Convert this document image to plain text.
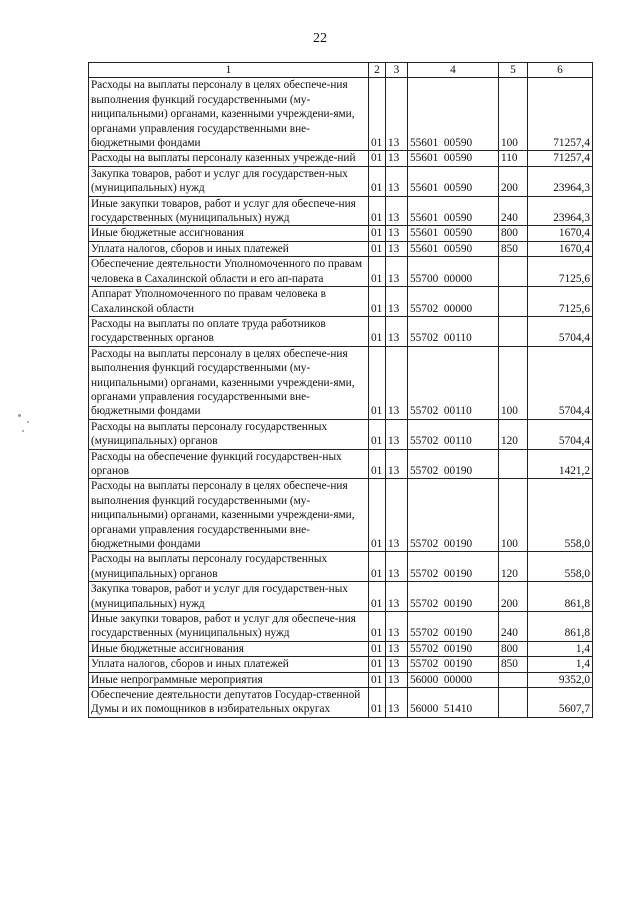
22
1	2	3	4	5	6
Расходы на выплаты персоналу в целях обеспече-ния выполнения функций государственными (му-ниципальными) органами, казенными учреждени-ями, органами управления государственными вне-бюджетными фондами	01	13	55601  00590	100	71257,4
Расходы на выплаты персоналу казенных учрежде-ний	01	13	55601  00590	110	71257,4
Закупка товаров, работ и услуг для государствен-ных (муниципальных) нужд	01	13	55601  00590	200	23964,3
Иные закупки товаров, работ и услуг для обеспече-ния государственных (муниципальных) нужд	01	13	55601  00590	240	23964,3
Иные бюджетные ассигнования	01	13	55601  00590	800	1670,4
Уплата налогов, сборов и иных платежей	01	13	55601  00590	850	1670,4
Обеспечение деятельности Уполномоченного по правам человека в Сахалинской области и его ап-парата	01	13	55700  00000		7125,6
Аппарат Уполномоченного по правам человека в Сахалинской области	01	13	55702  00000		7125,6
Расходы на выплаты по оплате труда работников государственных органов	01	13	55702  00110		5704,4
Расходы на выплаты персоналу в целях обеспече-ния выполнения функций государственными (му-ниципальными) органами, казенными учреждени-ями, органами управления государственными вне-бюджетными фондами	01	13	55702  00110	100	5704,4
Расходы на выплаты персоналу государственных (муниципальных) органов	01	13	55702  00110	120	5704,4
Расходы на обеспечение функций государствен-ных органов	01	13	55702  00190		1421,2
Расходы на выплаты персоналу в целях обеспече-ния выполнения функций государственными (му-ниципальными) органами, казенными учреждени-ями, органами управления государственными вне-бюджетными фондами	01	13	55702  00190	100	558,0
Расходы на выплаты персоналу государственных (муниципальных) органов	01	13	55702  00190	120	558,0
Закупка товаров, работ и услуг для государствен-ных (муниципальных) нужд	01	13	55702  00190	200	861,8
Иные закупки товаров, работ и услуг для обеспече-ния государственных (муниципальных) нужд	01	13	55702  00190	240	861,8
Иные бюджетные ассигнования	01	13	55702  00190	800	1,4
Уплата налогов, сборов и иных платежей	01	13	55702  00190	850	1,4
Иные непрограммные мероприятия	01	13	56000  00000		9352,0
Обеспечение деятельности депутатов Государ-ственной Думы и их помощников в избирательных округах	01	13	56000  51410		5607,7
